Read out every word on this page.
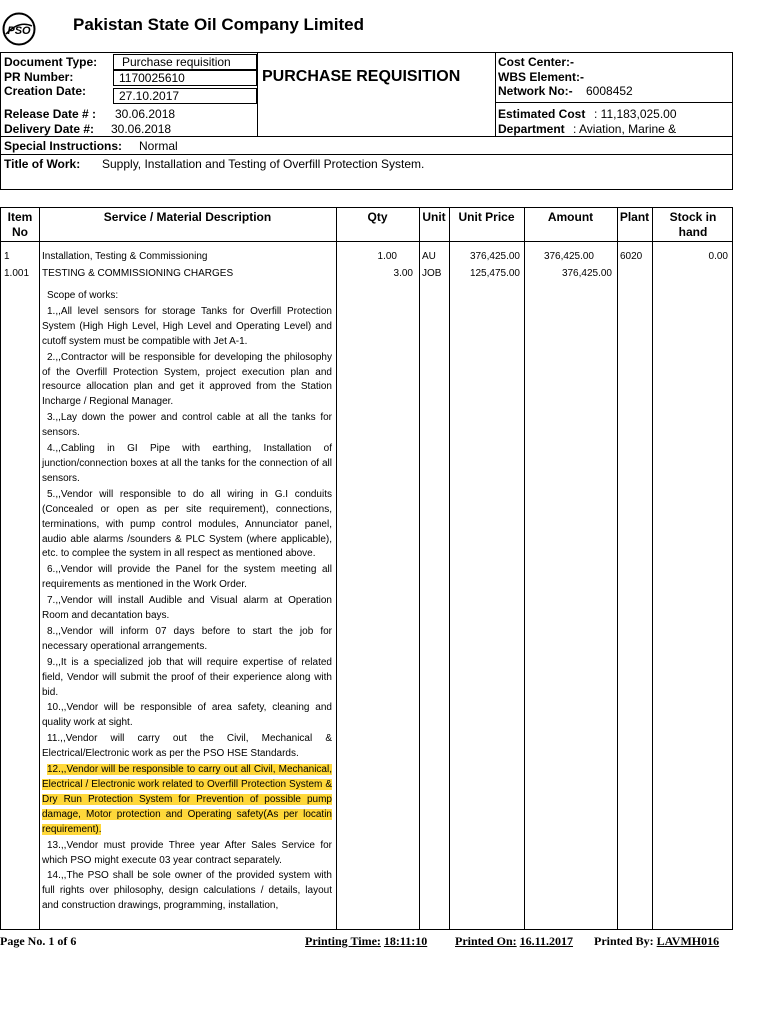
PSO Pakistan State Oil Company Limited
Document Type:	Purchase requisition
PR Number:	1170025610
Creation Date:	27.10.2017
Release Date # : 30.06.2018
Delivery Date #: 30.06.2018
Cost Center:-
WBS Element:-
Network No:- 6008452
Estimated Cost : 11,183,025.00
Department : Aviation, Marine &
PURCHASE REQUISITION
Special Instructions: Normal
Title of Work: Supply, Installation and Testing of Overfill Protection System.
Item
No
Service / Material Description	Qty	Unit	Unit Price	Amount	Plant	Stock in
hand
1	Installation, Testing & Commissioning	1.00	AU	376,425.00	376,425.00	6020	0.00
1.001 TESTING & COMMISSIONING CHARGES	3.00 JOB	125,475.00	376,425.00

Scope of works:

1.,,All level sensors for storage Tanks for Overfill Protection System (High High Level, High Level and Operating Level) and cutoff system must be compatible with Jet A-1.

2.,,Contractor will be responsible for developing the philosophy of the Overfill Protection System, project execution plan and resource allocation plan and get it approved from the Station Incharge / Regional Manager.

3.,,Lay down the power and control cable at all the tanks for sensors.

4.,,Cabling in GI Pipe with earthing, Installation of junction/connection boxes at all the tanks for the connection of all sensors.

5.,,Vendor will responsible to do all wiring in G.I conduits (Concealed or open as per site requirement), connections, terminations, with pump control modules, Annunciator panel, audio able alarms /sounders & PLC System (where applicable), etc. to complee the system in all respect as mentioned above.

6.,,Vendor will provide the Panel for the system meeting all requirements as mentioned in the Work Order.

7.,,Vendor will install Audible and Visual alarm at Operation Room and decantation bays.

8.,,Vendor will inform 07 days before to start the job for necessary operational arrangements.

9.,,It is a specialized job that will require expertise of related field, Vendor will submit the proof of their experience along with bid.

10.,,Vendor will be responsible of area safety, cleaning and quality work at sight.

11.,,Vendor will carry out the Civil, Mechanical & Electrical/Electronic work as per the PSO HSE Standards.

12.,,Vendor will be responsible to carry out all Civil, Mechanical, Electrical / Electronic work related to Overfill Protection System & Dry Run Protection System for Prevention of possible pump damage, Motor protection and Operating safety(As per locatin requirement).

13.,,Vendor must provide Three year After Sales Service for which PSO might execute 03 year contract separately.

14.,,The PSO shall be sole owner of the provided system with full rights over philosophy, design calculations / details, layout and construction drawings, programming, installation,

Page No. 1 of 6	Printing Time: 18:11:10 Printed On: 16.11.2017 Printed By: LAVMH016
